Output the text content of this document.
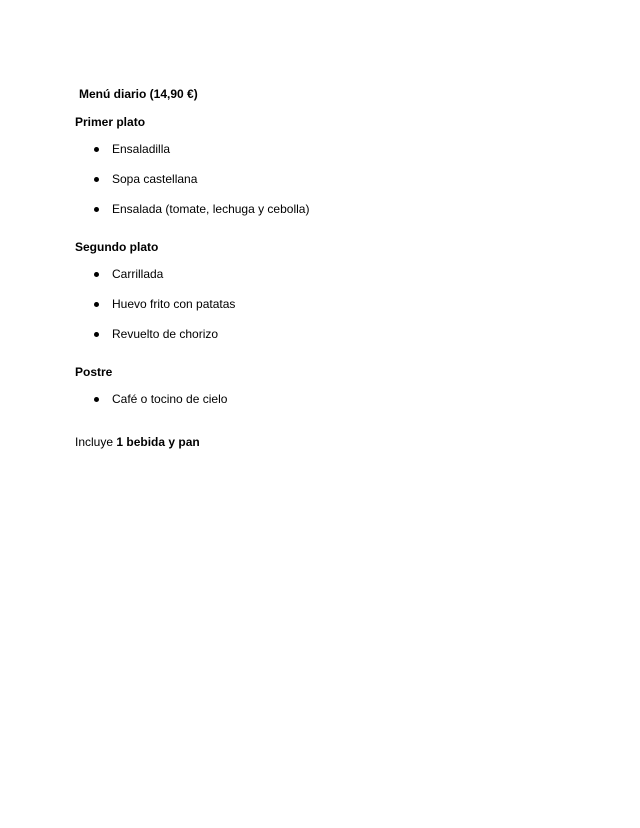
Menú diario (14,90 €)
Primer plato
Ensaladilla
Sopa castellana
Ensalada (tomate, lechuga y cebolla)
Segundo plato
Carrillada
Huevo frito con patatas
Revuelto de chorizo
Postre
Café o tocino de cielo
Incluye 1 bebida y pan
